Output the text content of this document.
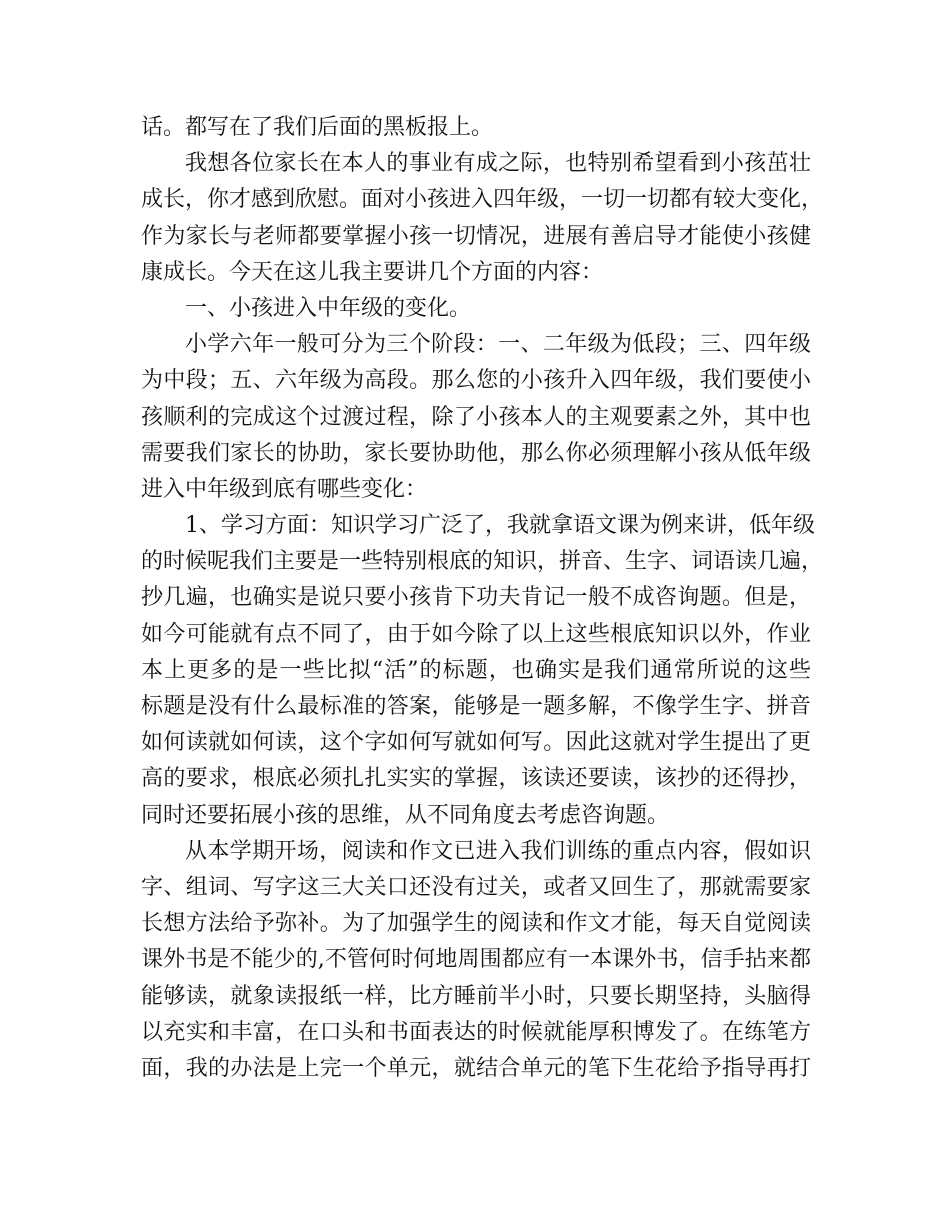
话。都写在了我们后面的黑板报上。
我想各位家长在本人的事业有成之际，也特别希望看到小孩茁壮
成长，你才感到欣慰。面对小孩进入四年级，一切一切都有较大变化，
作为家长与老师都要掌握小孩一切情况，进展有善启导才能使小孩健
康成长。今天在这儿我主要讲几个方面的内容：
一、小孩进入中年级的变化。
小学六年一般可分为三个阶段：一、二年级为低段；三、四年级
为中段；五、六年级为高段。那么您的小孩升入四年级，我们要使小
孩顺利的完成这个过渡过程，除了小孩本人的主观要素之外，其中也
需要我们家长的协助，家长要协助他，那么你必须理解小孩从低年级
进入中年级到底有哪些变化：
1、学习方面：知识学习广泛了，我就拿语文课为例来讲，低年级
的时候呢我们主要是一些特别根底的知识，拼音、生字、词语读几遍，
抄几遍，也确实是说只要小孩肯下功夫肯记一般不成咨询题。但是，
如今可能就有点不同了，由于如今除了以上这些根底知识以外，作业
本上更多的是一些比拟“活”的标题，也确实是我们通常所说的这些
标题是没有什么最标准的答案，能够是一题多解，不像学生字、拼音
如何读就如何读，这个字如何写就如何写。因此这就对学生提出了更
高的要求，根底必须扎扎实实的掌握，该读还要读，该抄的还得抄，
同时还要拓展小孩的思维，从不同角度去考虑咨询题。
从本学期开场，阅读和作文已进入我们训练的重点内容，假如识
字、组词、写字这三大关口还没有过关，或者又回生了，那就需要家
长想方法给予弥补。为了加强学生的阅读和作文才能，每天自觉阅读
课外书是不能少的,不管何时何地周围都应有一本课外书，信手拈来都
能够读，就象读报纸一样，比方睡前半小时，只要长期坚持，头脑得
以充实和丰富，在口头和书面表达的时候就能厚积博发了。在练笔方
面，我的办法是上完一个单元，就结合单元的笔下生花给予指导再打
